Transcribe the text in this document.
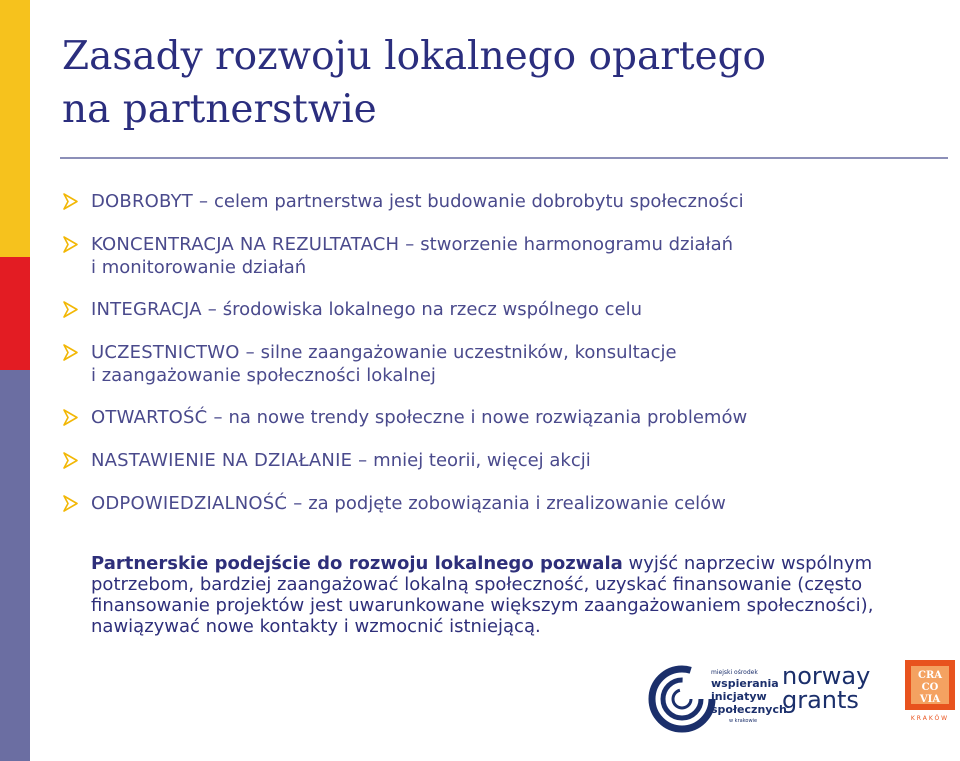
Zasady rozwoju lokalnego opartego
na partnerstwie
DOBROBYT – celem partnerstwa jest budowanie dobrobytu społeczności
KONCENTRACJA NA REZULTATACH – stworzenie harmonogramu działań
i monitorowanie działań
INTEGRACJA – środowiska lokalnego na rzecz wspólnego celu
UCZESTNICTWO – silne zaangażowanie uczestników, konsultacje
i zaangażowanie społeczności lokalnej
OTWARTOŚĆ – na nowe trendy społeczne i nowe rozwiązania problemów
NASTAWIENIE NA DZIAŁANIE – mniej teorii, więcej akcji
ODPOWIEDZIALNOŚĆ – za podjęte zobowiązania i zrealizowanie celów

Partnerskie podejście do rozwoju lokalnego pozwala wyjść naprzeciw wspólnym potrzebom, bardziej zaangażować lokalną społeczność, uzyskać finansowanie (często finansowanie projektów jest uwarunkowane większym zaangażowaniem społeczności), nawiązywać nowe kontakty i wzmocnić istniejącą.

miejski ośrodek
wspierania
inicjatyw
społecznych
w krakowie
norway
grants
CRA
CO
VIA
KRAKÓW
